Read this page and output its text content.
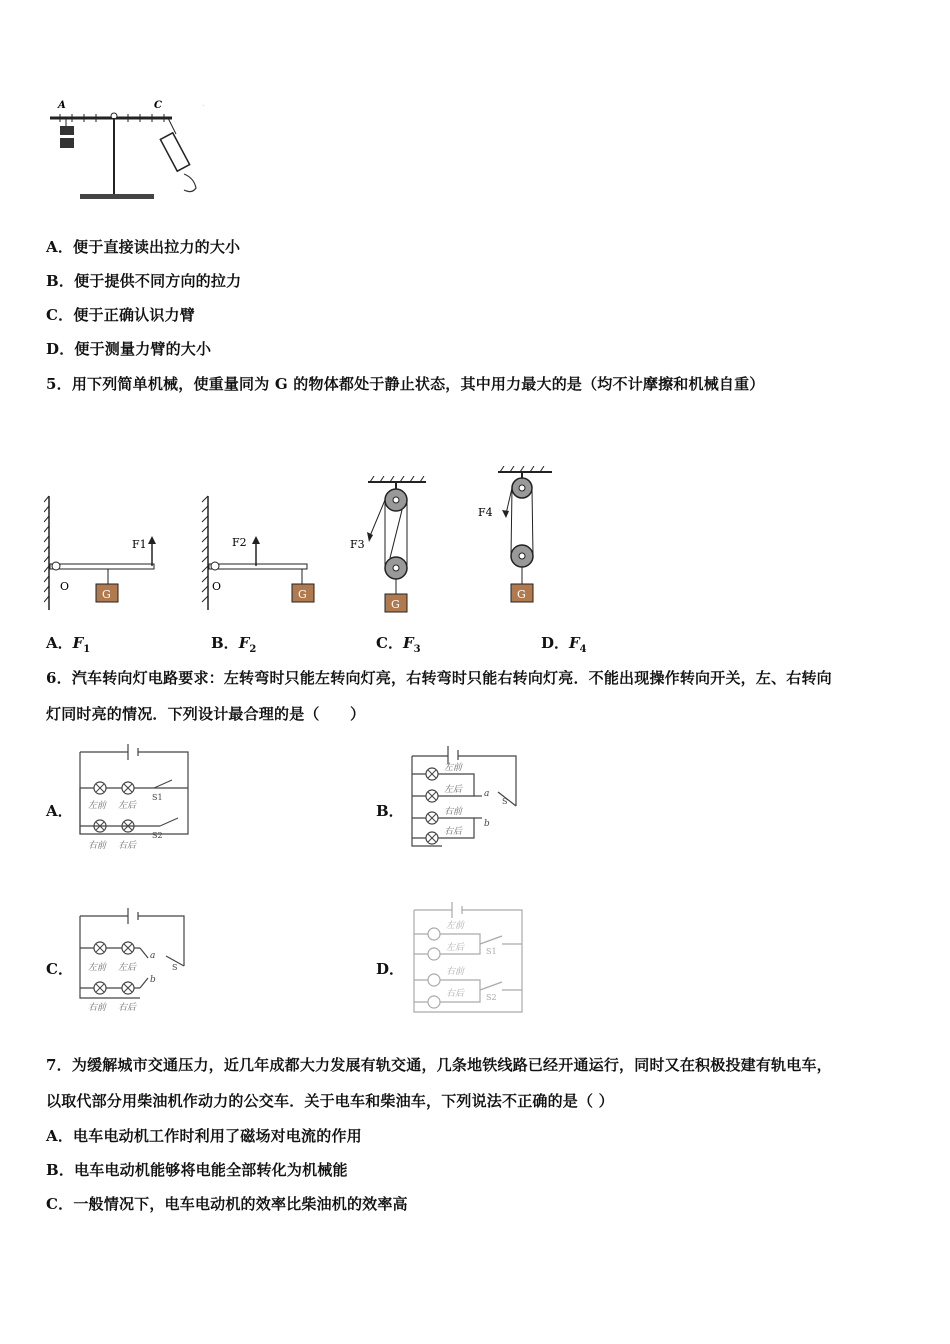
A	C	.
A．便于直接读出拉力的大小
B．便于提供不同方向的拉力
C．便于正确认识力臂
D．便于测量力臂的大小
5．用下列简单机械，使重量同为 G 的物体都处于静止状态，其中用力最大的是（均不计摩擦和机械自重）
O
G
F1
O
G
F2	F3
G
F4
G
A．$F_1$	B．$F_2$	C．$F_3$	D．$F_4$
6．汽车转向灯电路要求：左转弯时只能左转向灯亮，右转弯时只能右转向灯亮．不能出现操作转向开关，左、右转向
灯同时亮的情况．下列设计最合理的是（　　）
A． 左前 左后
右前 右后
S1
S2
B．
左前
左后
右前
右后
a
b
S
C． 左前 左后
右前 右后
a
b
S	D．
左前
左后
右前
右后
S1
S2
7．为缓解城市交通压力，近几年成都大力发展有轨交通，几条地铁线路已经开通运行，同时又在积极投建有轨电车，
以取代部分用柴油机作动力的公交车．关于电车和柴油车，下列说法不正确的是（ ）
A．电车电动机工作时利用了磁场对电流的作用
B．电车电动机能够将电能全部转化为机械能
C．一般情况下，电车电动机的效率比柴油机的效率高
